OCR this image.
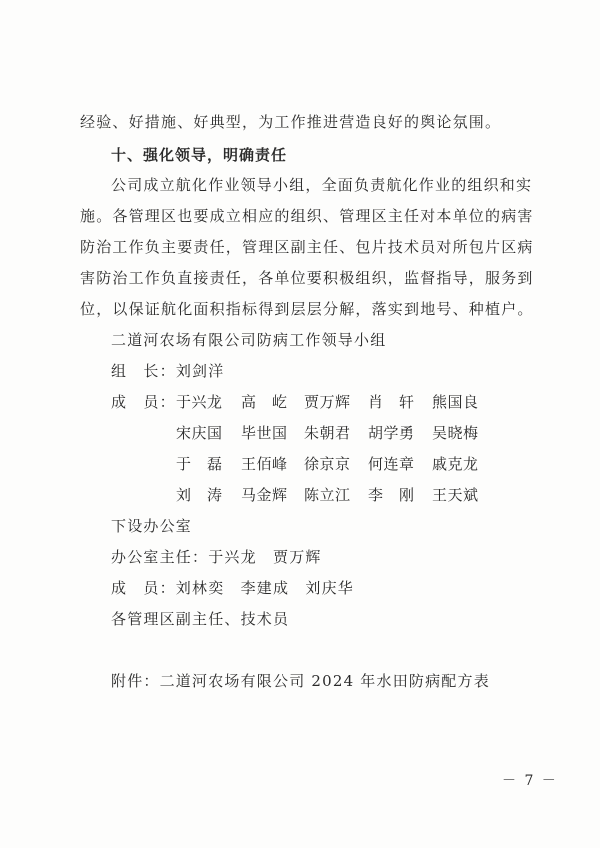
经验、好措施、好典型，为工作推进营造良好的舆论氛围。
十、强化领导，明确责任
公司成立航化作业领导小组，全面负责航化作业的组织和实
施。各管理区也要成立相应的组织、管理区主任对本单位的病害
防治工作负主要责任，管理区副主任、包片技术员对所包片区病
害防治工作负直接责任，各单位要积极组织，监督指导，服务到
位，以保证航化面积指标得到层层分解，落实到地号、种植户。
二道河农场有限公司防病工作领导小组
组　长：刘剑洋
成　员： 于兴龙	高　屹	贾万辉	肖　轩	熊国良
宋庆国	毕世国	朱朝君	胡学勇	吴晓梅
于　磊	王佰峰	徐京京	何连章	戚克龙
刘　涛	马金辉	陈立江	李　刚	王天斌
下设办公室
办公室主任：于兴龙　贾万辉
成　员：刘林奕　李建成　刘庆华
各管理区副主任、技术员
附件：二道河农场有限公司 2024 年水田防病配方表
－ 7 －
